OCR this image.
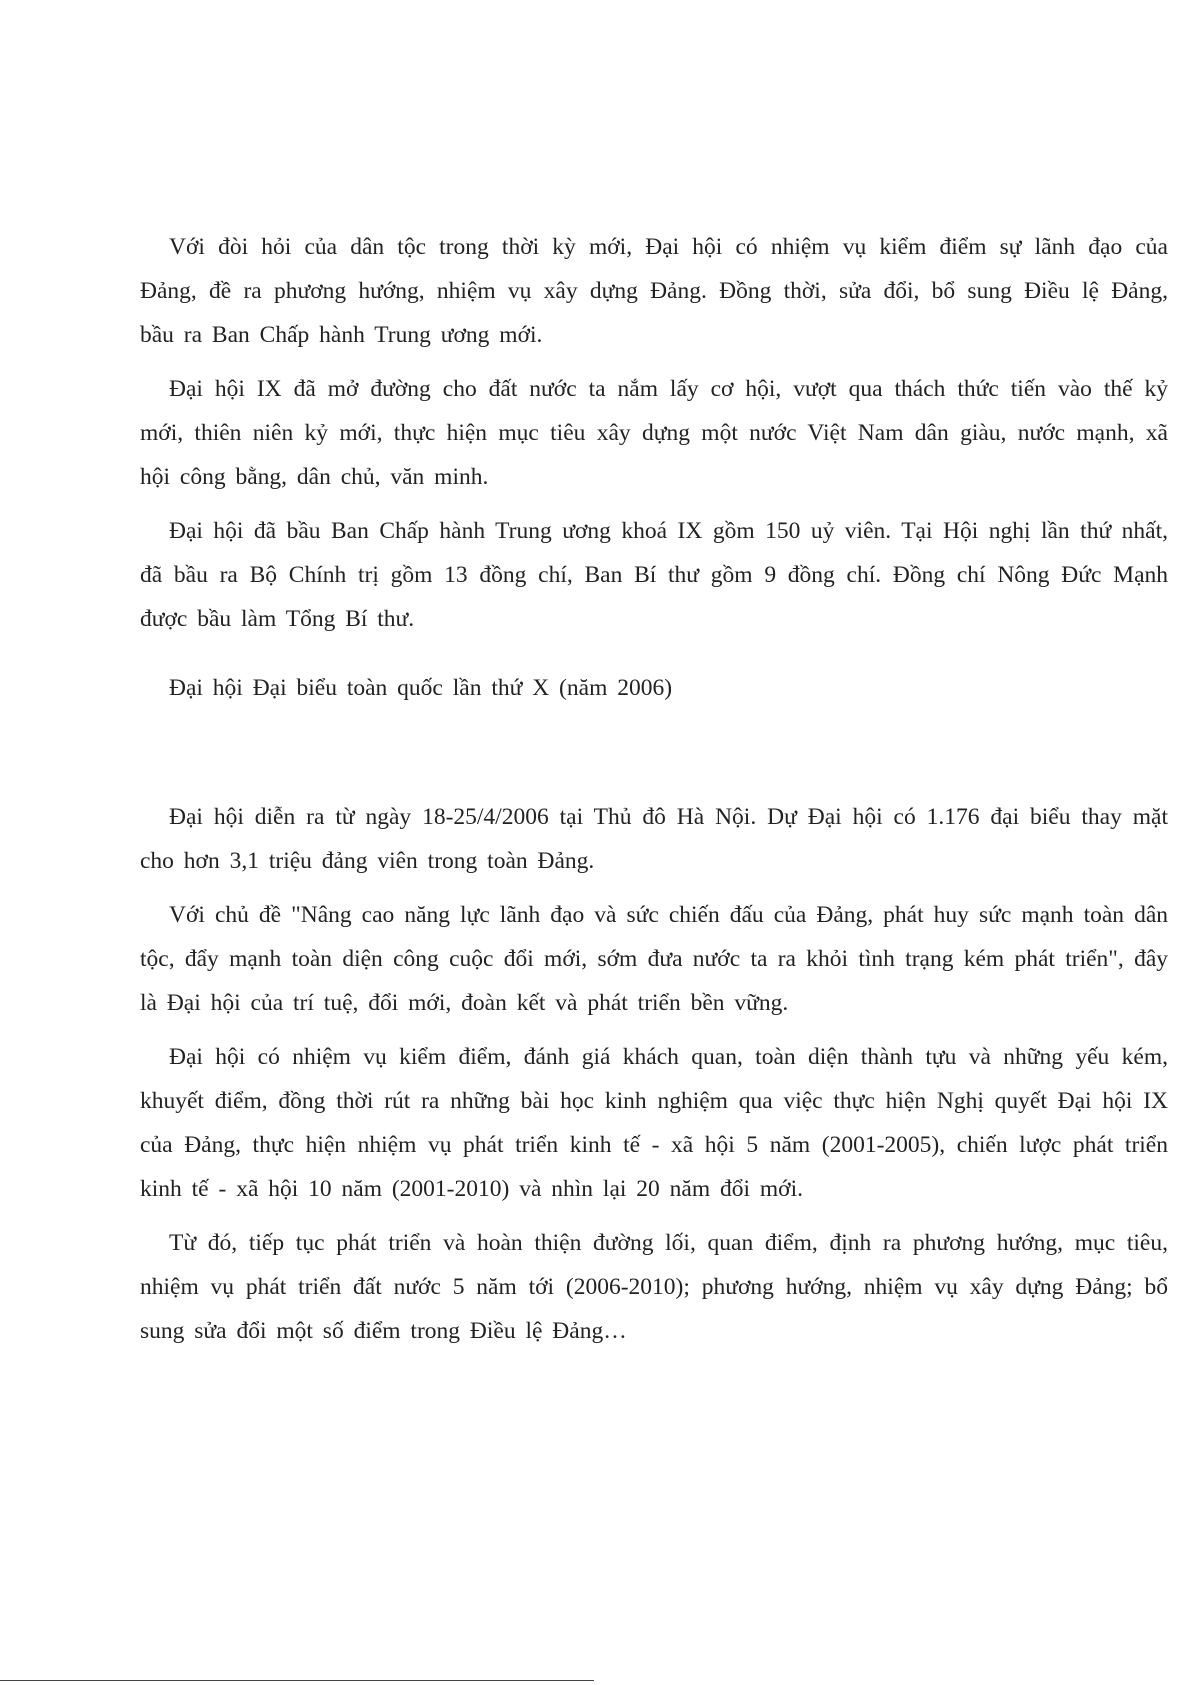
Với đòi hỏi của dân tộc trong thời kỳ mới, Đại hội có nhiệm vụ kiểm điểm sự lãnh đạo của Đảng, đề ra phương hướng, nhiệm vụ xây dựng Đảng. Đồng thời, sửa đổi, bổ sung Điều lệ Đảng, bầu ra Ban Chấp hành Trung ương mới.

Đại hội IX đã mở đường cho đất nước ta nắm lấy cơ hội, vượt qua thách thức tiến vào thế kỷ mới, thiên niên kỷ mới, thực hiện mục tiêu xây dựng một nước Việt Nam dân giàu, nước mạnh, xã hội công bằng, dân chủ, văn minh.

Đại hội đã bầu Ban Chấp hành Trung ương khoá IX gồm 150 uỷ viên. Tại Hội nghị lần thứ nhất, đã bầu ra Bộ Chính trị gồm 13 đồng chí, Ban Bí thư gồm 9 đồng chí. Đồng chí Nông Đức Mạnh được bầu làm Tổng Bí thư.

Đại hội Đại biểu toàn quốc lần thứ X (năm 2006)

Đại hội diễn ra từ ngày 18-25/4/2006 tại Thủ đô Hà Nội. Dự Đại hội có 1.176 đại biểu thay mặt cho hơn 3,1 triệu đảng viên trong toàn Đảng.

Với chủ đề "Nâng cao năng lực lãnh đạo và sức chiến đấu của Đảng, phát huy sức mạnh toàn dân tộc, đẩy mạnh toàn diện công cuộc đổi mới, sớm đưa nước ta ra khỏi tình trạng kém phát triển", đây là Đại hội của trí tuệ, đổi mới, đoàn kết và phát triển bền vững.

Đại hội có nhiệm vụ kiểm điểm, đánh giá khách quan, toàn diện thành tựu và những yếu kém, khuyết điểm, đồng thời rút ra những bài học kinh nghiệm qua việc thực hiện Nghị quyết Đại hội IX của Đảng, thực hiện nhiệm vụ phát triển kinh tế - xã hội 5 năm (2001-2005), chiến lược phát triển kinh tế - xã hội 10 năm (2001-2010) và nhìn lại 20 năm đổi mới.

Từ đó, tiếp tục phát triển và hoàn thiện đường lối, quan điểm, định ra phương hướng, mục tiêu, nhiệm vụ phát triển đất nước 5 năm tới (2006-2010); phương hướng, nhiệm vụ xây dựng Đảng; bổ sung sửa đổi một số điểm trong Điều lệ Đảng…
